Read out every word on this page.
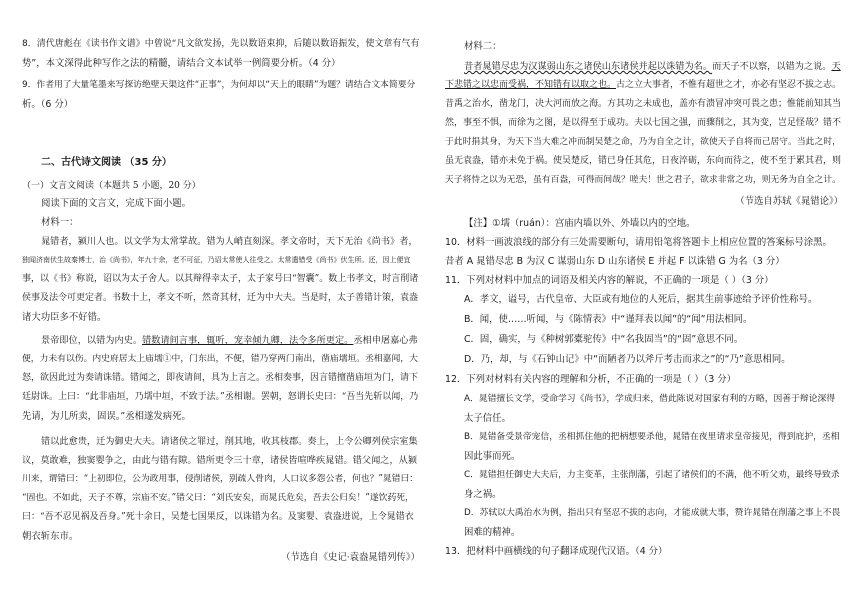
8．清代唐彪在《读书作文谱》中曾说“凡文欲发扬，先以数语束抑，后随以数语振发，使文章有气有

势”，本文深得此种写作之法的精髓，请结合文本试举一例简要分析。（4 分）

9．作者用了大量笔墨来写探访绝壁天渠这件“正事”，为何却以“天上的眼睛”为题？请结合文本简要分

析。（6 分）

二、古代诗文阅读 （35 分）

（一）文言文阅读（本题共 5 小题，20 分）

阅读下面的文言文，完成下面小题。

材料一：

晁错者，颍川人也。以文学为太常掌故。错为人峭直刻深。孝文帝时，天下无治《尚书》者，

独闻济南伏生故秦博士，治《尚书》，年九十余，老不可征，乃诏太常使人往受之。太常遣错受《尚书》伏生所。还，因上便宜

事，以《书》称说，诏以为太子舍人。以其辩得幸太子，太子家号曰“智囊”。数上书孝文，时言削诸

侯事及法令可更定者。书数十上，孝文不听，然奇其材，迁为中大夫。当是时，太子善错计策，袁盎

诸大功臣多不好错。

景帝即位，以错为内史。错数请间言事，辄听，宠幸倾九卿，法令多所更定。丞相申屠嘉心弗

便，力未有以伤。内史府居太上庙壖①中，门东出，不便，错乃穿两门南出，凿庙壖垣。丞相嘉闻，大

怒，欲因此过为奏请诛错。错闻之，即夜请间，具为上言之。丞相奏事，因言错擅凿庙垣为门，请下

廷尉诛。上曰：“此非庙垣，乃壖中垣，不致于法。”丞相谢。罢朝，怒谓长史曰：“吾当先斩以闻，乃

先请，为儿所卖，固误。”丞相遂发病死。

错以此愈贵，迁为御史大夫。请诸侯之罪过，削其地，收其枝郡。奏上，上令公卿列侯宗室集

议，莫敢难，独窦婴争之，由此与错有隙。错所更令三十章，诸侯皆喧哗疾晁错。错父闻之，从颍

川来，谓错曰：“上初即位，公为政用事，侵削诸侯，别疏人骨肉，人口议多怨公者，何也？”晁错曰：

“固也。不如此，天子不尊，宗庙不安。”错父曰：“刘氏安矣，而晁氏危矣，吾去公归矣！”遂饮药死，

曰：“吾不忍见祸及吾身。”死十余日，吴楚七国果反，以诛错为名。及窦婴、袁盎进说，上令晁错衣

朝衣斩东市。

（节选自《史记·袁盎晁错列传》）

材料二：

昔者晁错尽忠为汉谋弱山东之诸侯山东诸侯并起以诛错为名。而天子不以察，以错为之说。天

下悲错之以忠而受祸，不知错有以取之也。古之立大事者，不惟有超世之才，亦必有坚忍不拔之志。

昔禹之治水，凿龙门，决大河而放之海。方其功之未成也，盖亦有溃冒冲突可畏之患；惟能前知其当

然，事至不惧，而徐为之图，是以得至于成功。夫以七国之强，而骤削之，其为变，岂足怪哉？错不

于此时捐其身，为天下当大难之冲而制吴楚之命，乃为自全之计，欲使天子自将而己居守。当此之时，

虽无袁盎，错亦未免于祸。使吴楚反，错已身任其危，日夜淬砺，东向而待之，使不至于累其君，则

天子将恃之以为无恐，虽有百盎，可得而间哉？嗟夫！世之君子，欲求非常之功，则无务为自全之计。

（节选自苏轼《晁错论》）

【注】①壖（ruán）：宫庙内墙以外、外墙以内的空地。

10．材料一画波浪线的部分有三处需要断句，请用铅笔将答题卡上相应位置的答案标号涂黑。

昔者 A 晁错尽忠 B 为汉 C 谋弱山东 D 山东诸侯 E 并起 F 以诛错 G 为名（3 分）

11．下列对材料中加点的词语及相关内容的解说，不正确的一项是（ ）（3 分）

A．孝文，谥号，古代皇帝、大臣或有地位的人死后，据其生前事迹给予评价性称号。

B．闻，使……听闻，与《陈情表》中“谨拜表以闻”的“闻”用法相同。

C．固，确实，与《种树郭橐驼传》中“名我固当”的“固”意思不同。

D．乃，却，与《石钟山记》中“而陋者乃以斧斤考击而求之”的“乃”意思相同。

12．下列对材料有关内容的理解和分析，不正确的一项是（ ）（3 分）

A．晁错擅长文学，受命学习《尚书》，学成归来，借此陈说对国家有利的方略，因善于辩论深得

太子信任。

B．晁错备受景帝宠信，丞相抓住他的把柄想要杀他，晁错在夜里请求皇帝接见，得到庇护，丞相

因此事而死。

C．晁错担任御史大夫后，力主变革，主张削藩，引起了诸侯们的不满，他不听父劝，最终导致杀

身之祸。

D．苏轼以大禹治水为例，指出只有坚忍不拔的志向，才能成就大事，赞许晁错在削藩之事上不畏

困难的精神。

13．把材料中画横线的句子翻译成现代汉语。（4 分）
